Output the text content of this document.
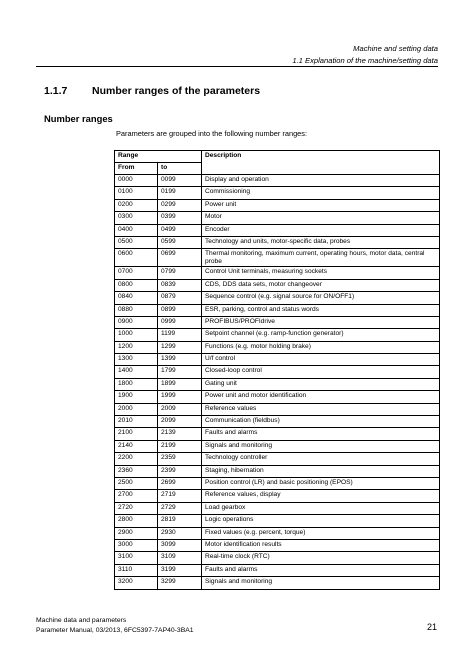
Machine and setting data
1.1 Explanation of the machine/setting data
1.1.7 Number ranges of the parameters
Number ranges
Parameters are grouped into the following number ranges:
Range		Description
From	to	
0000	0099	Display and operation
0100	0199	Commissioning
0200	0299	Power unit
0300	0399	Motor
0400	0499	Encoder
0500	0599	Technology and units, motor-specific data, probes
0600	0699	Thermal monitoring, maximum current, operating hours, motor data, central probe
0700	0799	Control Unit terminals, measuring sockets
0800	0839	CDS, DDS data sets, motor changeover
0840	0879	Sequence control (e.g. signal source for ON/OFF1)
0880	0899	ESR, parking, control and status words
0900	0999	PROFIBUS/PROFIdrive
1000	1199	Setpoint channel (e.g. ramp-function generator)
1200	1299	Functions (e.g. motor holding brake)
1300	1399	U/f control
1400	1799	Closed-loop control
1800	1899	Gating unit
1900	1999	Power unit and motor identification
2000	2009	Reference values
2010	2099	Communication (fieldbus)
2100	2139	Faults and alarms
2140	2199	Signals and monitoring
2200	2359	Technology controller
2360	2399	Staging, hibernation
2500	2699	Position control (LR) and basic positioning (EPOS)
2700	2719	Reference values, display
2720	2729	Load gearbox
2800	2819	Logic operations
2900	2930	Fixed values (e.g. percent, torque)
3000	3099	Motor identification results
3100	3109	Real-time clock (RTC)
3110	3199	Faults and alarms
3200	3299	Signals and monitoring
Machine data and parameters
Parameter Manual, 03/2013, 6FC5397-7AP40-3BA1	21
